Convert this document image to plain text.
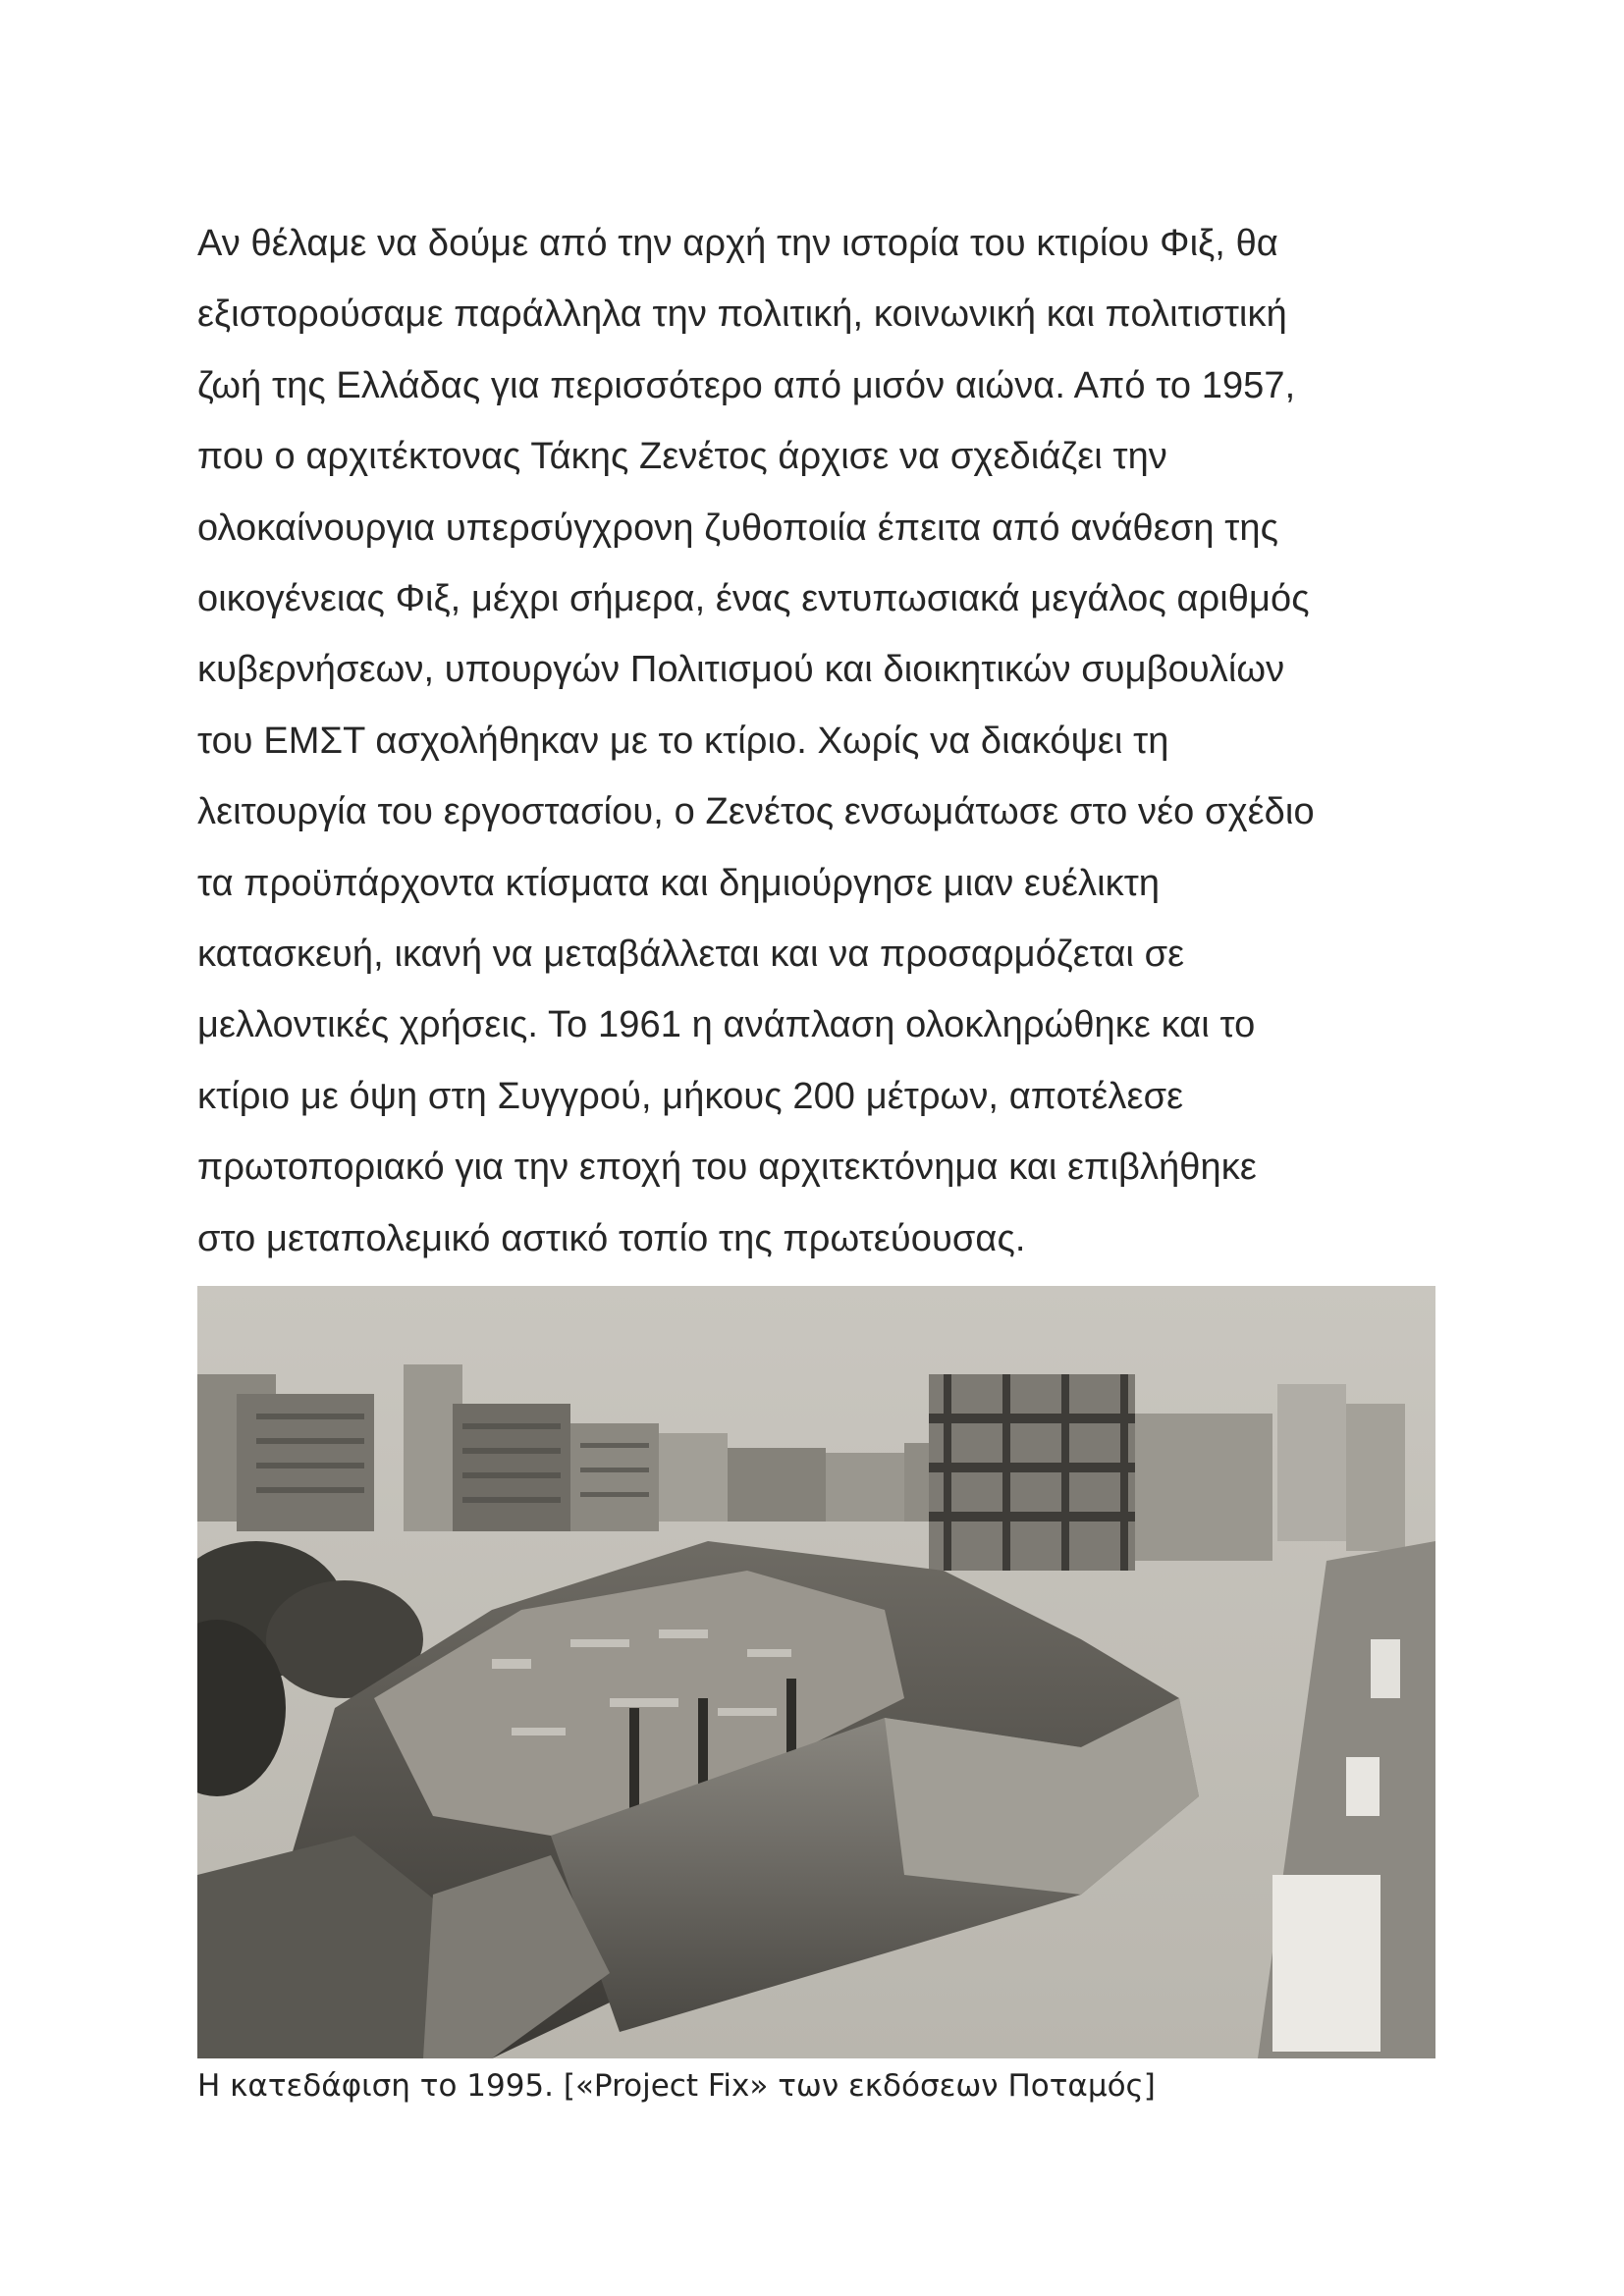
Αν θέλαμε να δούμε από την αρχή την ιστορία του κτιρίου Φιξ, θα
εξιστορούσαμε παράλληλα την πολιτική, κοινωνική και πολιτιστική
ζωή της Ελλάδας για περισσότερο από μισόν αιώνα. Από το 1957,
που ο αρχιτέκτονας Τάκης Ζενέτος άρχισε να σχεδιάζει την
ολοκαίνουργια υπερσύγχρονη ζυθοποιία έπειτα από ανάθεση της
οικογένειας Φιξ, μέχρι σήμερα, ένας εντυπωσιακά μεγάλος αριθμός
κυβερνήσεων, υπουργών Πολιτισμού και διοικητικών συμβουλίων
του ΕΜΣΤ ασχολήθηκαν με το κτίριο. Χωρίς να διακόψει τη
λειτουργία του εργοστασίου, ο Ζενέτος ενσωμάτωσε στο νέο σχέδιο
τα προϋπάρχοντα κτίσματα και δημιούργησε μιαν ευέλικτη
κατασκευή, ικανή να μεταβάλλεται και να προσαρμόζεται σε
μελλοντικές χρήσεις. Το 1961 η ανάπλαση ολοκληρώθηκε και το
κτίριο με όψη στη Συγγρού, μήκους 200 μέτρων, αποτέλεσε
πρωτοποριακό για την εποχή του αρχιτεκτόνημα και επιβλήθηκε
στο μεταπολεμικό αστικό τοπίο της πρωτεύουσας.
Η κατεδάφιση το 1995. [«Project Fix» των εκδόσεων Ποταμός]
